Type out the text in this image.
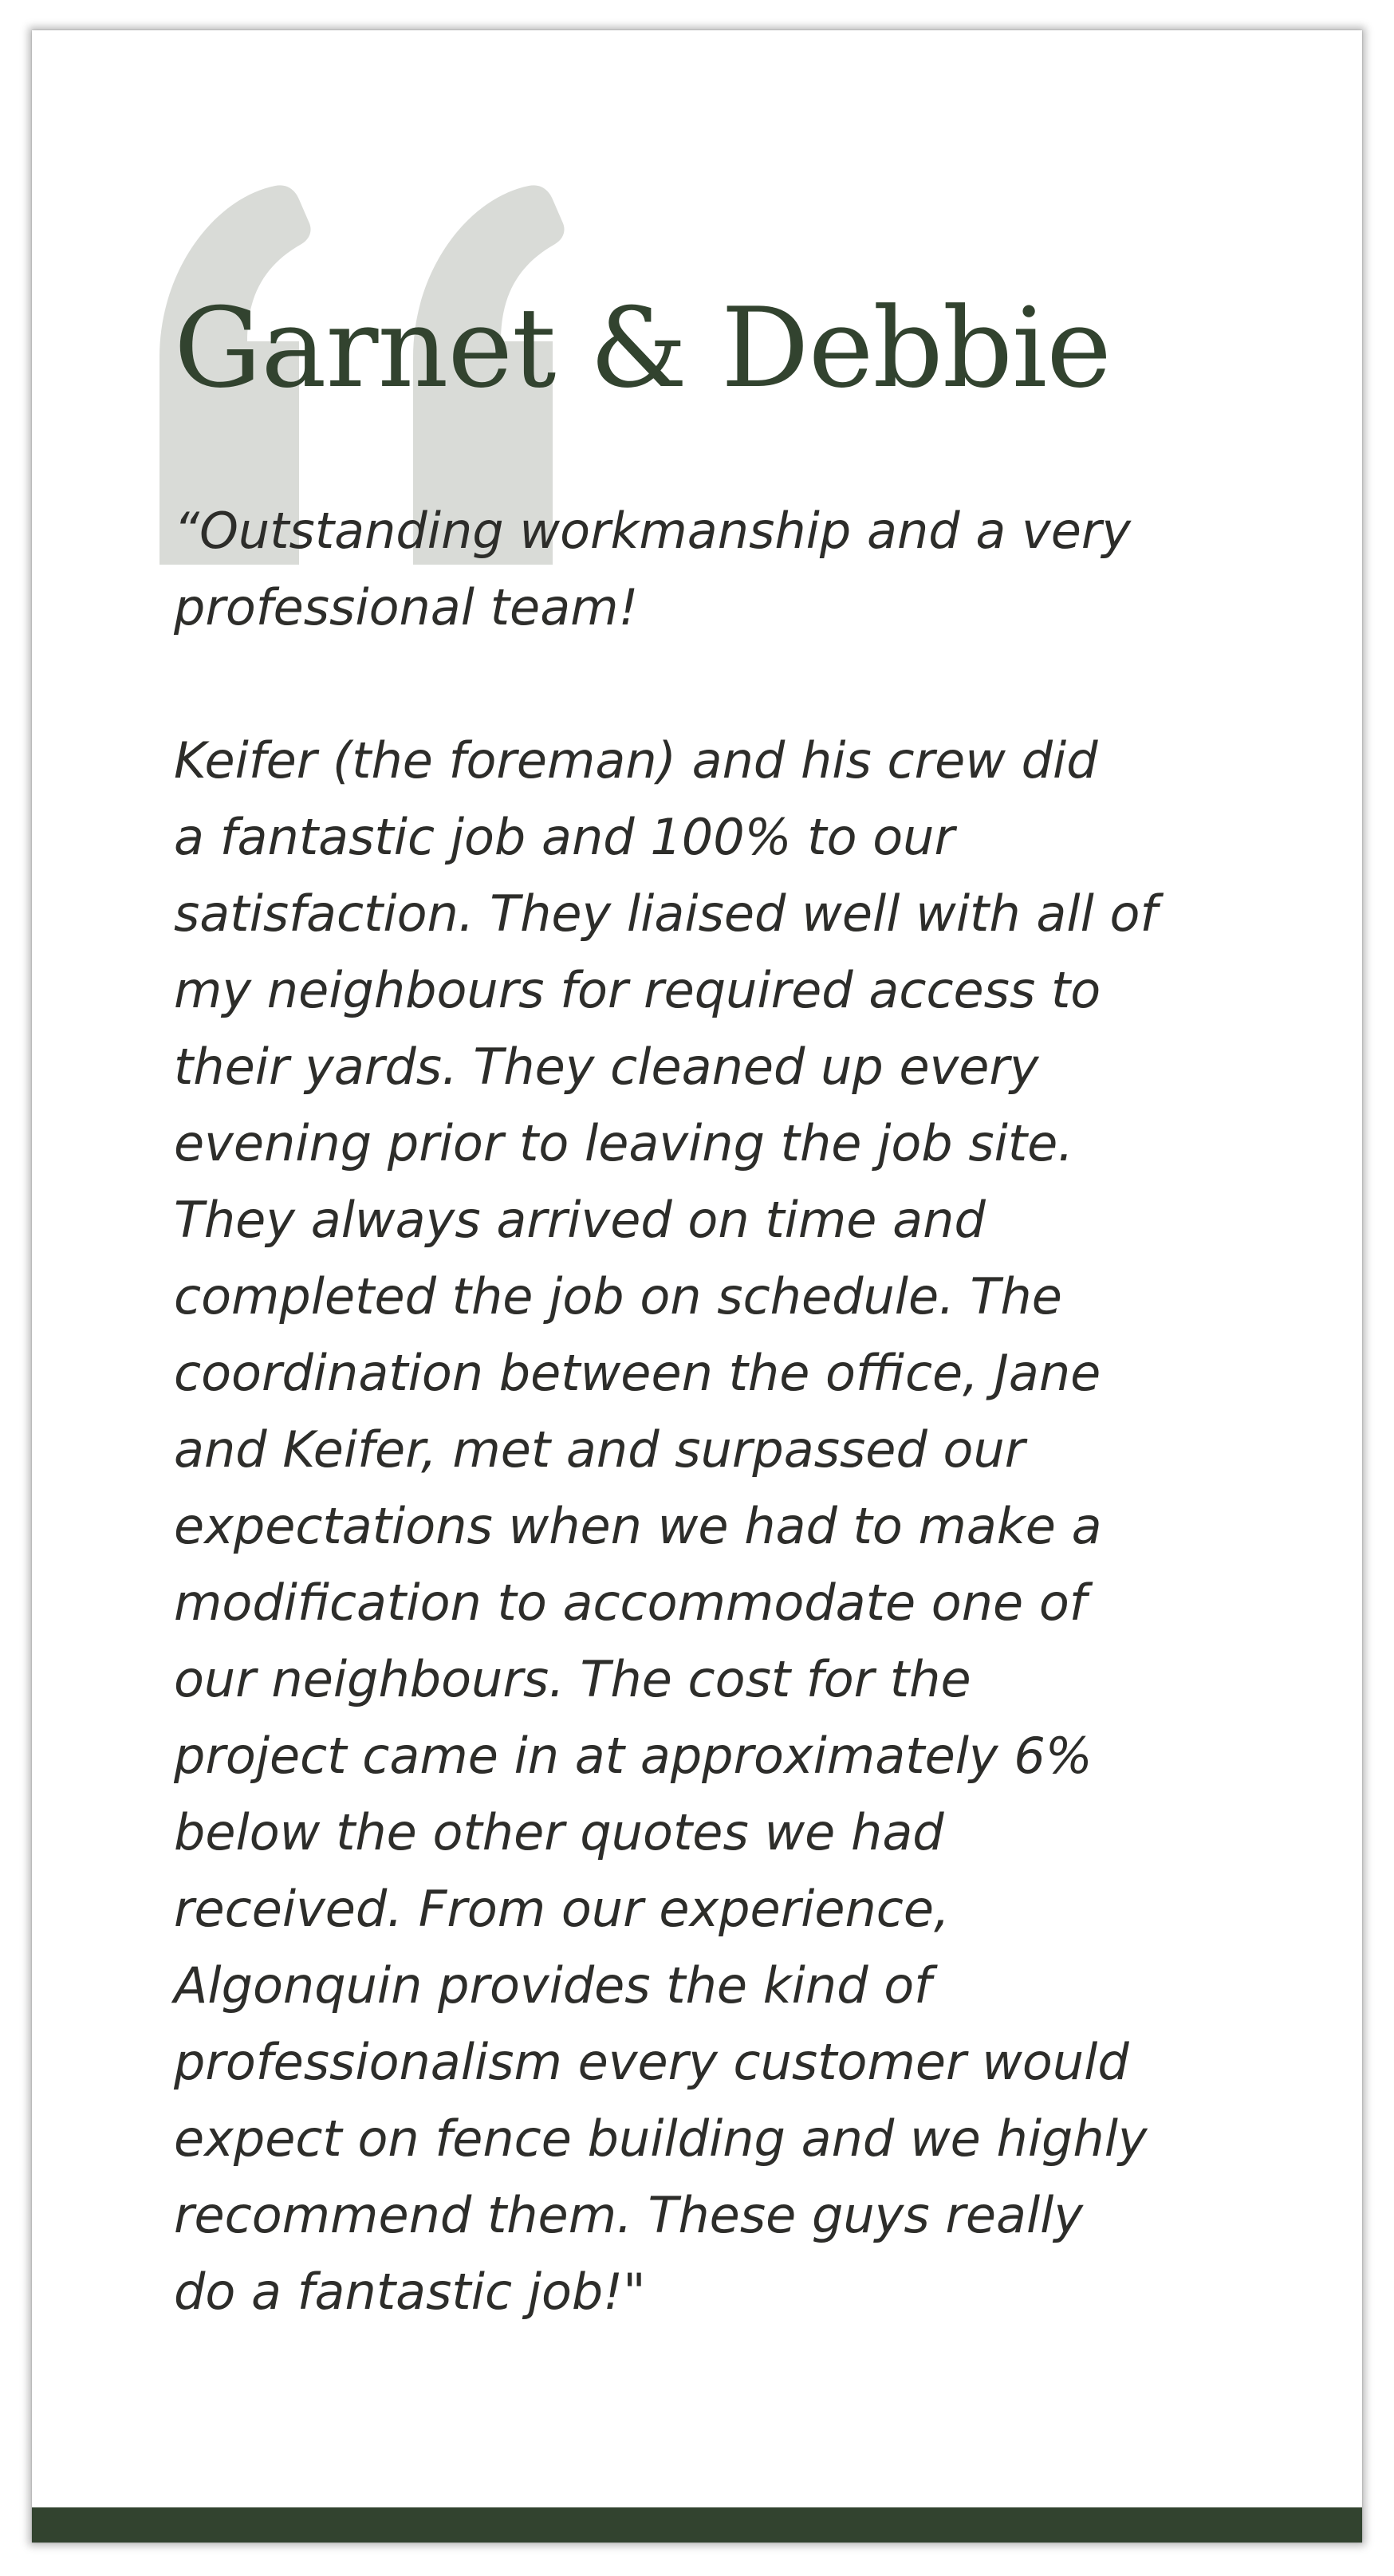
Garnet & Debbie
“Outstanding workmanship and a very
professional team!
Keifer (the foreman) and his crew did
a fantastic job and 100% to our
satisfaction. They liaised well with all of
my neighbours for required access to
their yards. They cleaned up every
evening prior to leaving the job site.
They always arrived on time and
completed the job on schedule. The
coordination between the office, Jane
and Keifer, met and surpassed our
expectations when we had to make a
modification to accommodate one of
our neighbours. The cost for the
project came in at approximately 6%
below the other quotes we had
received. From our experience,
Algonquin provides the kind of
professionalism every customer would
expect on fence building and we highly
recommend them. These guys really
do a fantastic job!"
